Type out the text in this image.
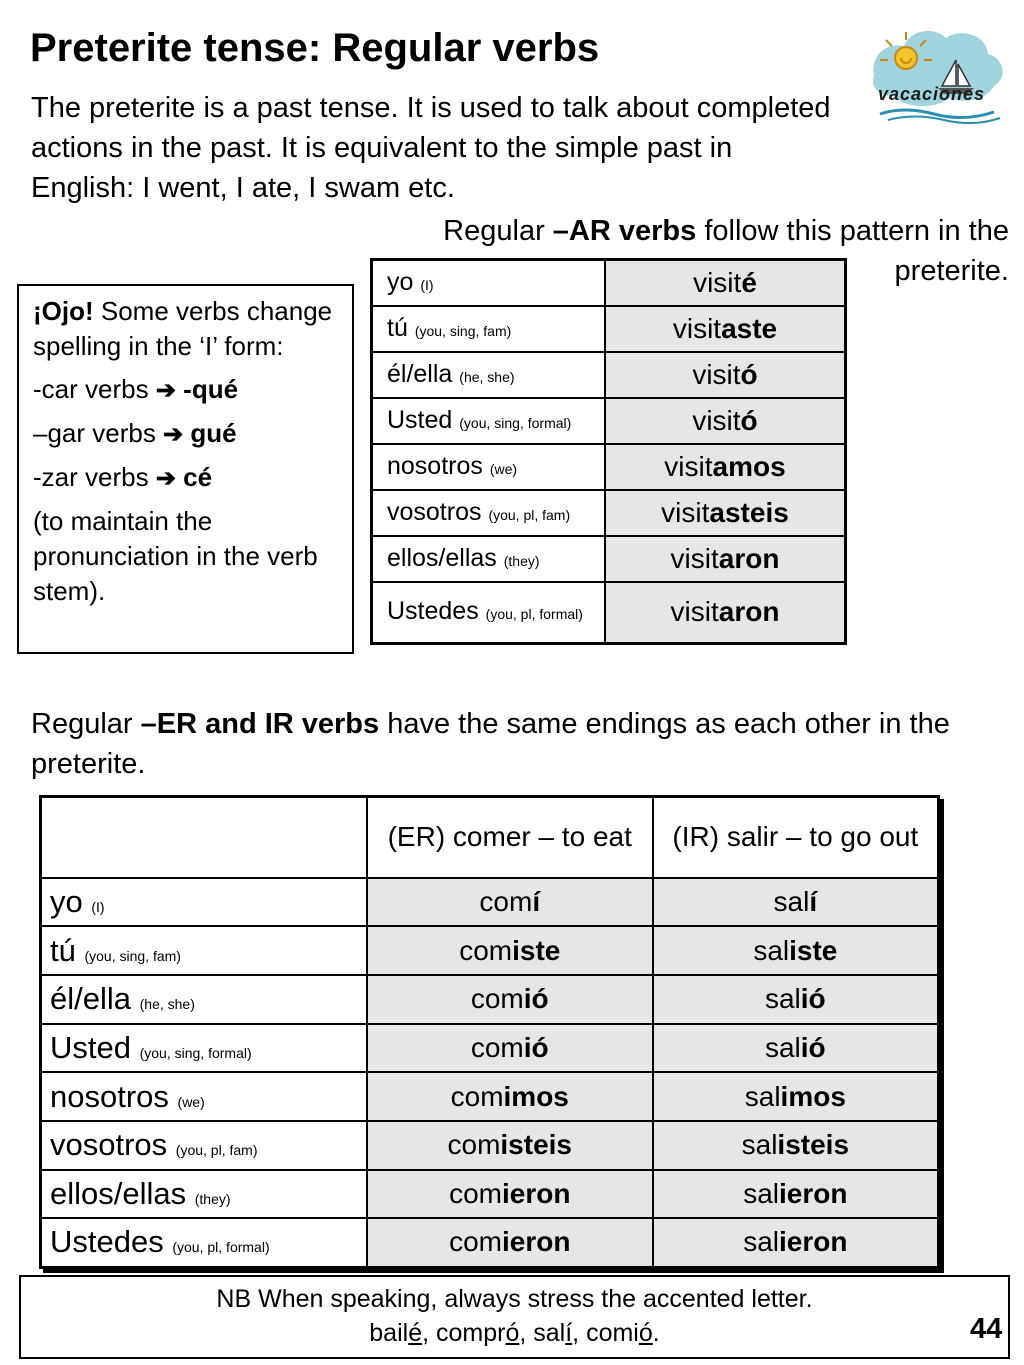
Preterite tense: Regular verbs
vacaciones

The preterite is a past tense. It is used to talk about completed actions in the past. It is equivalent to the simple past in English: I went, I ate, I swam etc.

Regular –AR verbs follow this pattern in the preterite.

¡Ojo! Some verbs change spelling in the ‘I’ form:

-car verbs ➔ -qué

–gar verbs ➔ gué

-zar verbs ➔ cé

(to maintain the pronunciation in the verb stem).

yo (I)	visité
tú (you, sing, fam)	visitaste
él/ella (he, she)	visitó
Usted (you, sing, formal)	visitó
nosotros (we)	visitamos
vosotros (you, pl, fam)	visitasteis
ellos/ellas (they)	visitaron
Ustedes (you, pl, formal)	visitaron
Regular –ER and IR verbs have the same endings as each other in the preterite.
	(ER) comer – to eat	(IR) salir – to go out
yo (I)	comí	salí
tú (you, sing, fam)	comiste	saliste
él/ella (he, she)	comió	salió
Usted (you, sing, formal)	comió	salió
nosotros (we)	comimos	salimos
vosotros (you, pl, fam)	comisteis	salisteis
ellos/ellas (they)	comieron	salieron
Ustedes (you, pl, formal)	comieron	salieron
NB When speaking, always stress the accented letter.
bailé, compró, salí, comió.	44
